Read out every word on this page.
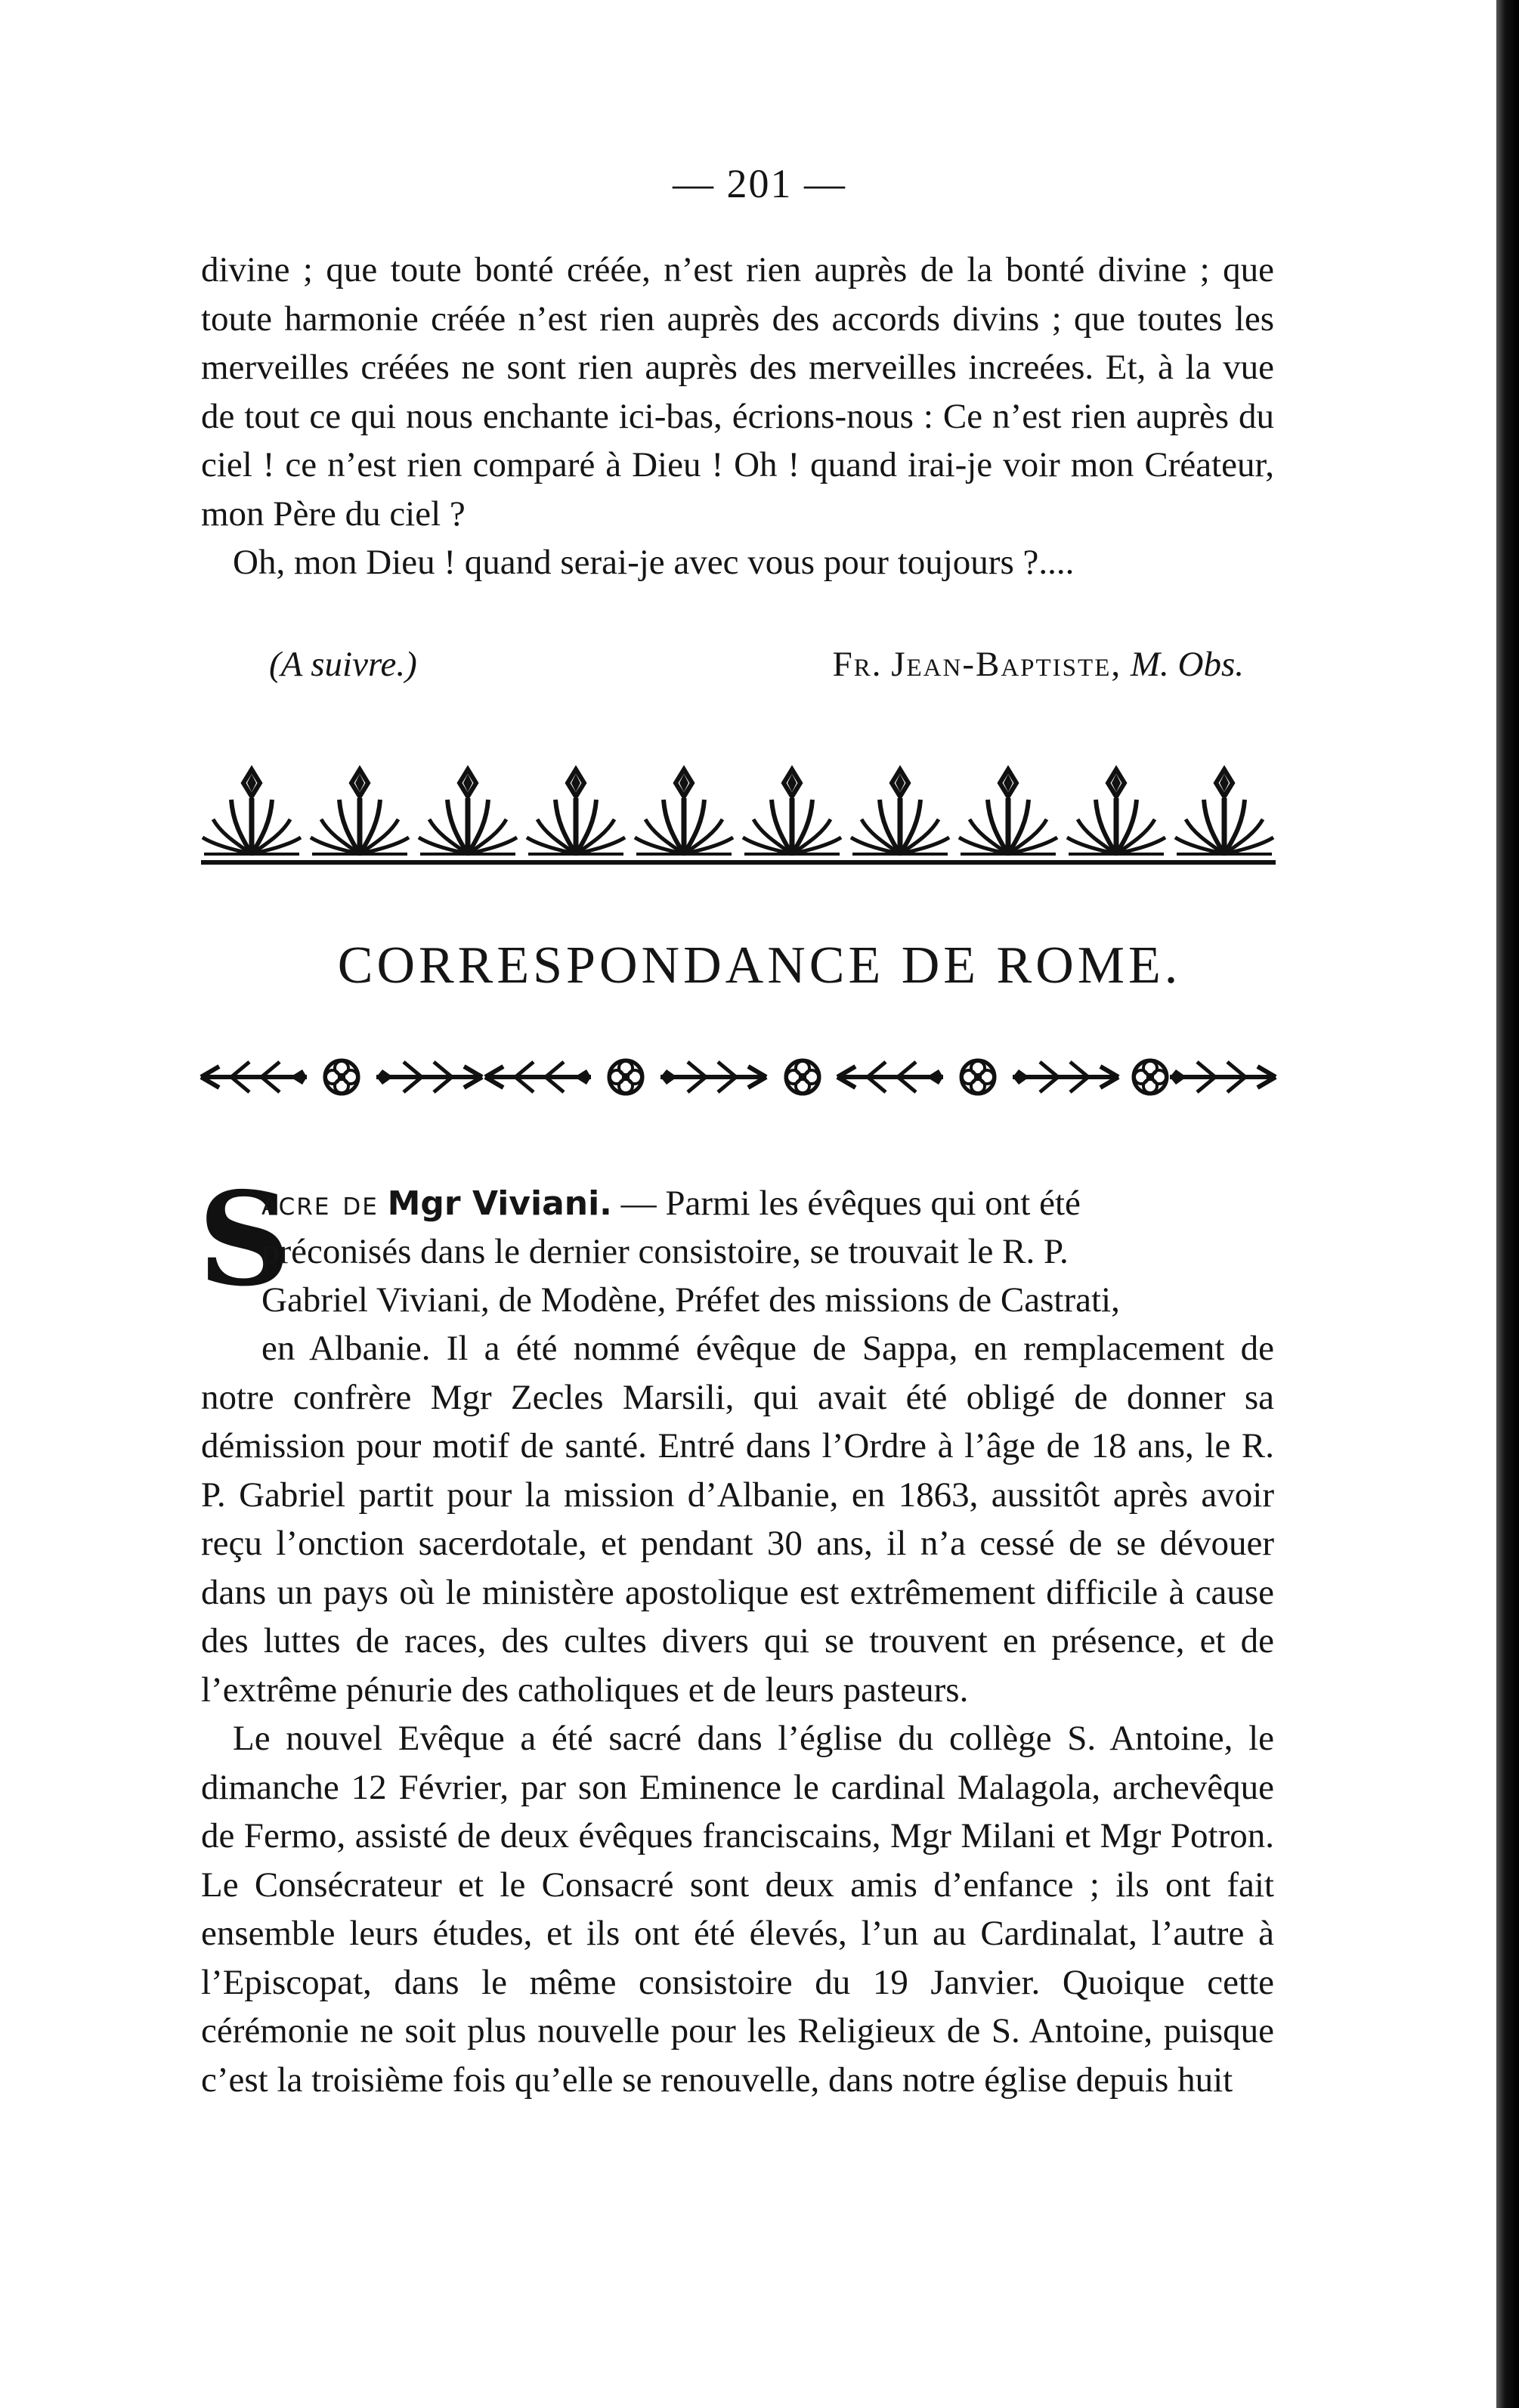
— 201 —

divine ; que toute bonté créée, n’est rien auprès de la bonté divine ; que toute harmonie créée n’est rien auprès des accords divins ; que toutes les merveilles créées ne sont rien auprès des merveilles increées. Et, à la vue de tout ce qui nous enchante ici-bas, écrions-nous : Ce n’est rien auprès du ciel ! ce n’est rien comparé à Dieu ! Oh ! quand irai-je voir mon Créateur, mon Père du ciel ?

Oh, mon Dieu ! quand serai-je avec vous pour toujours ?....

(A suivre.)	Fr. Jean-Baptiste, M. Obs.
CORRESPONDANCE DE ROME.
S
acre de Mgr Viviani. — Parmi les évêques qui ont été
préconisés dans le dernier consistoire, se trouvait le R. P.
Gabriel Viviani, de Modène, Préfet des missions de Castrati,

en Albanie. Il a été nommé évêque de Sappa, en remplacement de notre confrère Mgr Zecles Marsili, qui avait été obligé de donner sa démission pour motif de santé. Entré dans l’Ordre à l’âge de 18 ans, le R. P. Gabriel partit pour la mission d’Albanie, en 1863, aussitôt après avoir reçu l’onction sacerdotale, et pendant 30 ans, il n’a cessé de se dévouer dans un pays où le ministère apostolique est extrêmement difficile à cause des luttes de races, des cultes divers qui se trouvent en présence, et de l’extrême pénurie des catholiques et de leurs pasteurs.

Le nouvel Evêque a été sacré dans l’église du collège S. Antoine, le dimanche 12 Février, par son Eminence le cardinal Malagola, archevêque de Fermo, assisté de deux évêques franciscains, Mgr Milani et Mgr Potron. Le Consécrateur et le Consacré sont deux amis d’enfance ; ils ont fait ensemble leurs études, et ils ont été élevés, l’un au Cardinalat, l’autre à l’Episcopat, dans le même consistoire du 19 Janvier. Quoique cette cérémonie ne soit plus nouvelle pour les Religieux de S. Antoine, puisque c’est la troisième fois qu’elle se renouvelle, dans notre église depuis huit
